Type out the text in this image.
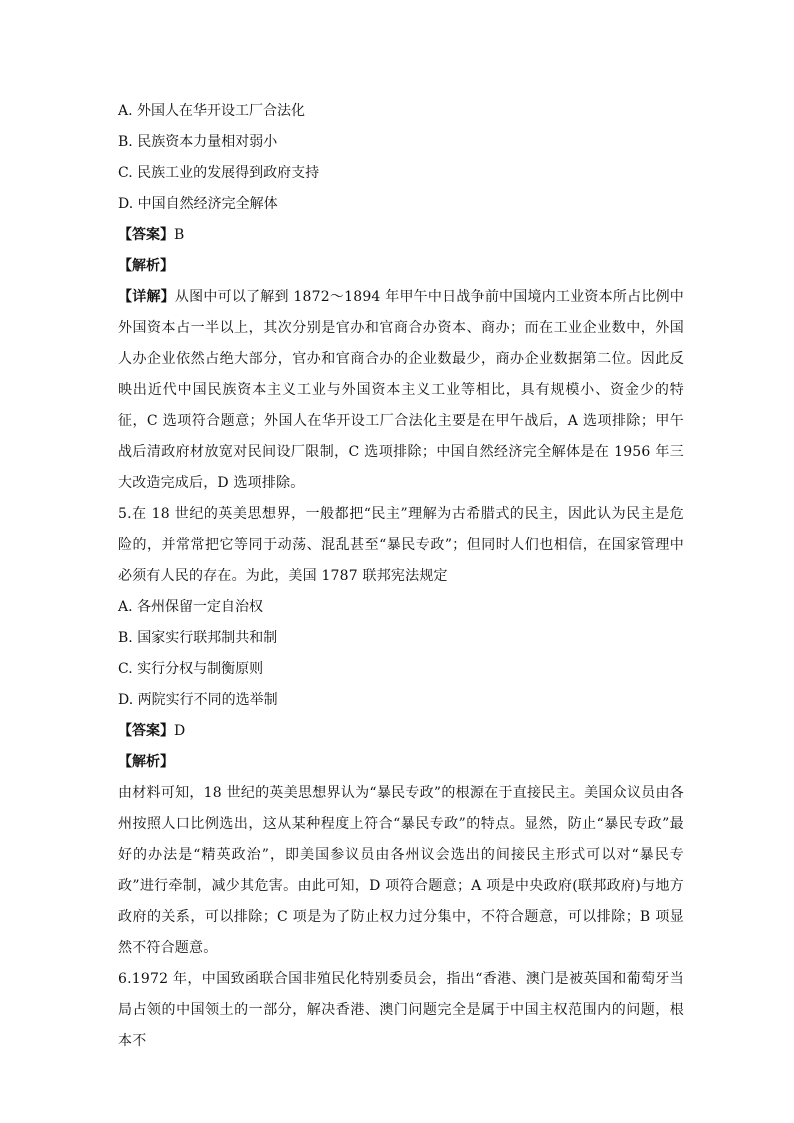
A. 外国人在华开设工厂合法化
B. 民族资本力量相对弱小
C. 民族工业的发展得到政府支持
D. 中国自然经济完全解体
【答案】B
【解析】
【详解】从图中可以了解到 1872～1894 年甲午中日战争前中国境内工业资本所占比例中外国资本占一半以上，其次分别是官办和官商合办资本、商办；而在工业企业数中，外国人办企业依然占绝大部分，官办和官商合办的企业数最少，商办企业数据第二位。因此反映出近代中国民族资本主义工业与外国资本主义工业等相比，具有规模小、资金少的特征，C 选项符合题意；外国人在华开设工厂合法化主要是在甲午战后，A 选项排除；甲午战后清政府材放宽对民间设厂限制，C 选项排除；中国自然经济完全解体是在 1956 年三大改造完成后，D 选项排除。
5.在 18 世纪的英美思想界，一般都把“民主”理解为古希腊式的民主，因此认为民主是危险的，并常常把它等同于动荡、混乱甚至“暴民专政”；但同时人们也相信，在国家管理中必须有人民的存在。为此，美国 1787 联邦宪法规定
A. 各州保留一定自治权
B. 国家实行联邦制共和制
C. 实行分权与制衡原则
D. 两院实行不同的选举制
【答案】D
【解析】
由材料可知，18 世纪的英美思想界认为“暴民专政”的根源在于直接民主。美国众议员由各州按照人口比例选出，这从某种程度上符合“暴民专政”的特点。显然，防止“暴民专政”最好的办法是“精英政治”，即美国参议员由各州议会选出的间接民主形式可以对“暴民专政”进行牵制，减少其危害。由此可知，D 项符合题意；A 项是中央政府(联邦政府)与地方政府的关系，可以排除；C 项是为了防止权力过分集中，不符合题意，可以排除；B 项显然不符合题意。
6.1972 年，中国致函联合国非殖民化特别委员会，指出“香港、澳门是被英国和葡萄牙当局占领的中国领土的一部分，解决香港、澳门问题完全是属于中国主权范围内的问题，根本不
